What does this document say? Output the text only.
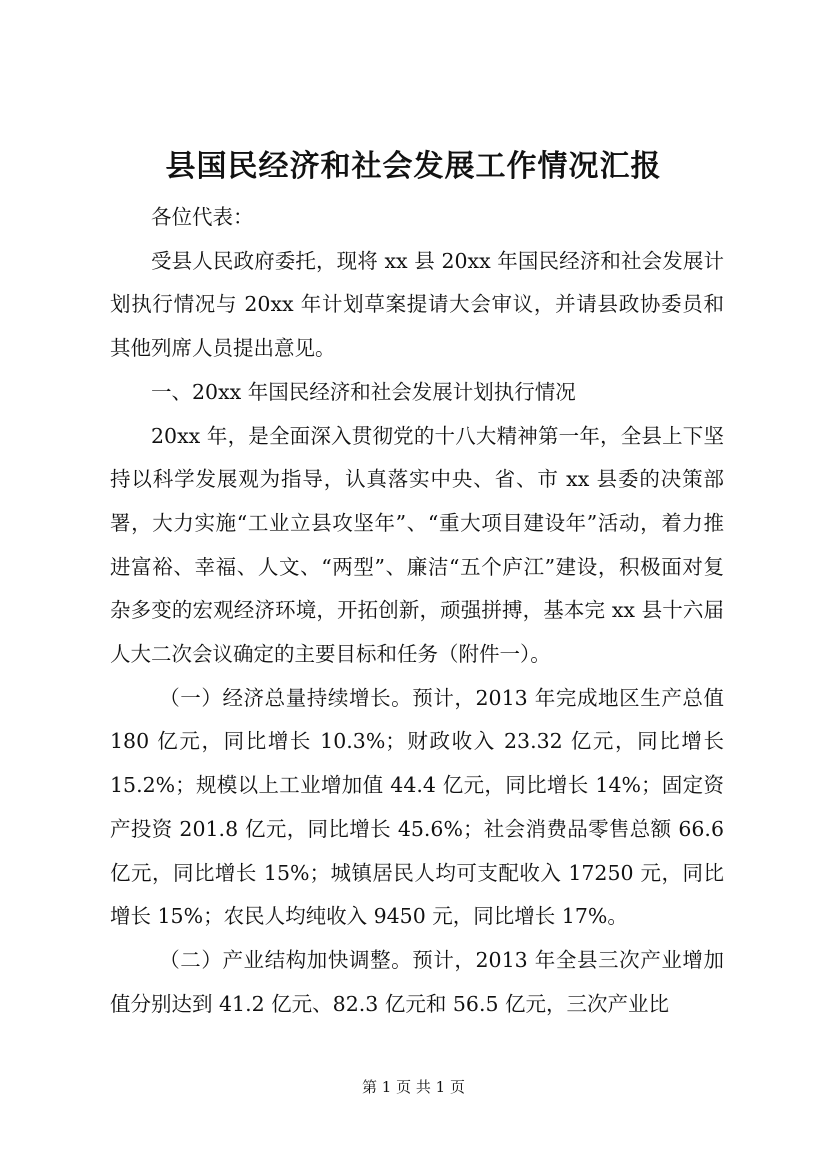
县国民经济和社会发展工作情况汇报

各位代表：

受县人民政府委托，现将 xx 县 20xx 年国民经济和社会发展计划执行情况与 20xx 年计划草案提请大会审议，并请县政协委员和其他列席人员提出意见。

一、20xx 年国民经济和社会发展计划执行情况

20xx 年，是全面深入贯彻党的十八大精神第一年，全县上下坚持以科学发展观为指导，认真落实中央、省、市 xx 县委的决策部署，大力实施“工业立县攻坚年”、“重大项目建设年”活动，着力推进富裕、幸福、人文、“两型”、廉洁“五个庐江”建设，积极面对复杂多变的宏观经济环境，开拓创新，顽强拼搏，基本完 xx 县十六届人大二次会议确定的主要目标和任务（附件一）。

（一）经济总量持续增长。预计，2013 年完成地区生产总值 180 亿元，同比增长 10.3%；财政收入 23.32 亿元，同比增长 15.2%；规模以上工业增加值 44.4 亿元，同比增长 14%；固定资产投资 201.8 亿元，同比增长 45.6%；社会消费品零售总额 66.6 亿元，同比增长 15%；城镇居民人均可支配收入 17250 元，同比增长 15%；农民人均纯收入 9450 元，同比增长 17%。

（二）产业结构加快调整。预计，2013 年全县三次产业增加值分别达到 41.2 亿元、82.3 亿元和 56.5 亿元，三次产业比

第 1 页 共 1 页
